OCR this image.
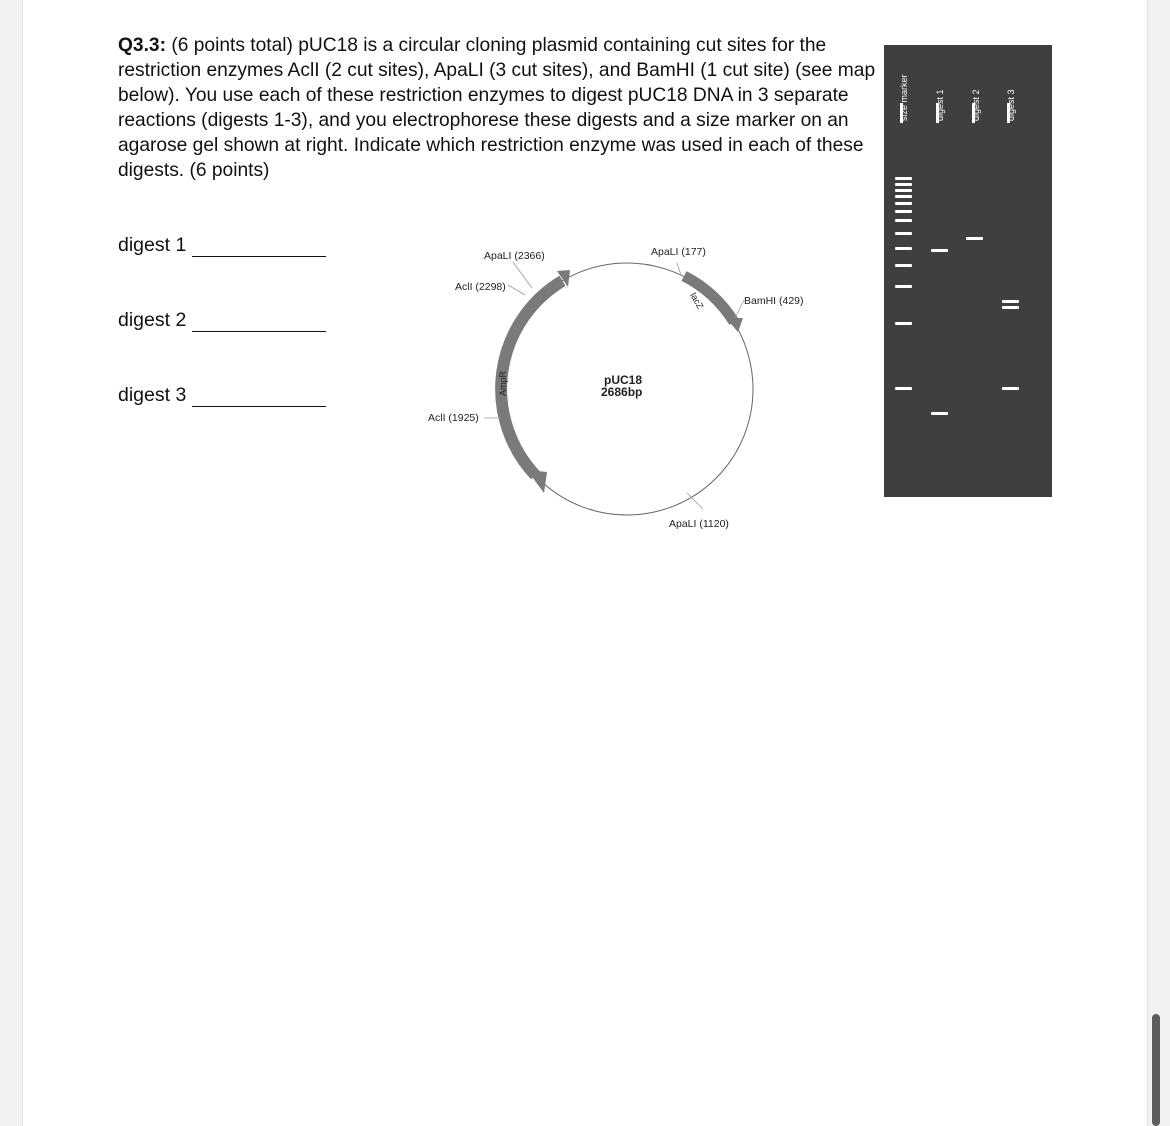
Q3.3: (6 points total) pUC18 is a circular cloning plasmid containing cut sites for the restriction enzymes AclI (2 cut sites), ApaLI (3 cut sites), and BamHI (1 cut site) (see map below). You use each of these restriction enzymes to digest pUC18 DNA in 3 separate reactions (digests 1-3), and you electrophorese these digests and a size marker on an agarose gel shown at right. Indicate which restriction enzyme was used in each of these digests. (6 points)

digest 1
digest 2
digest 3
ApaLI (2366)	ApaLI (177)
AclI (2298)
BamHI (429)
AclI (1925)
ApaLI (1120)
AmpR
lacZ
pUC18
2686bp
size marker	digest 1	digest 2	digest 3
